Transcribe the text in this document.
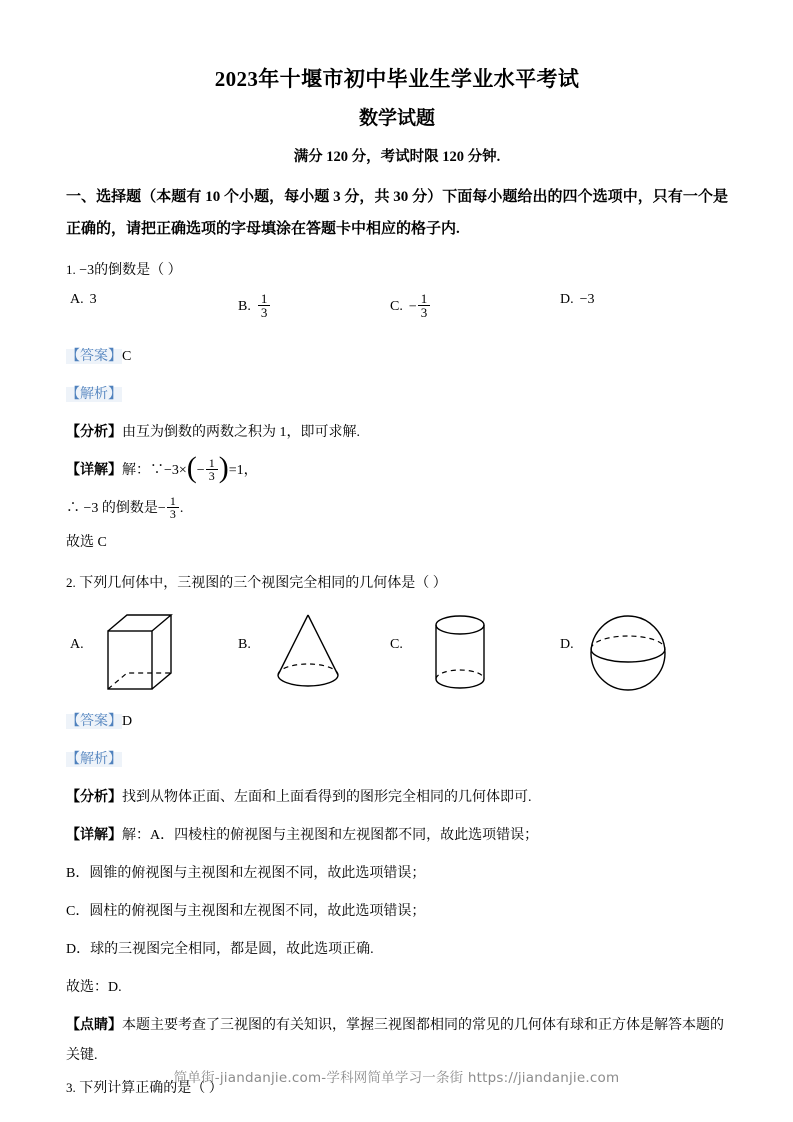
2023年十堰市初中毕业生学业水平考试
数学试题
满分 120 分，考试时限 120 分钟.

一、选择题（本题有 10 个小题，每小题 3 分，共 30 分）下面每小题给出的四个选项中，只有一个是正确的，请把正确选项的字母填涂在答题卡中相应的格子内.

1. −3的倒数是（ ）

A. 3	B. $\frac{1}{3}$	C. − $\frac{1}{3}$	D. −3

【答案】C

【解析】

【分析】由互为倒数的两数之积为 1，即可求解.

【详解】解：∵−3×(− $\frac{1}{3} )=1$，

∴ −3 的倒数是− $\frac{1}{3}$ .

故选 C

2. 下列几何体中，三视图的三个视图完全相同的几何体是（ ）

A.	B.	C.	D.

【答案】D

【解析】

【分析】找到从物体正面、左面和上面看得到的图形完全相同的几何体即可.

【详解】解：A．四棱柱的俯视图与主视图和左视图都不同，故此选项错误；

B．圆锥的俯视图与主视图和左视图不同，故此选项错误；

C．圆柱的俯视图与主视图和左视图不同，故此选项错误；

D．球的三视图完全相同，都是圆，故此选项正确.

故选：D.

【点睛】本题主要考查了三视图的有关知识，掌握三视图都相同的常见的几何体有球和正方体是解答本题的关键.

3. 下列计算正确的是（ ）

简单街-jiandanjie.com-学科网简单学习一条街 https://jiandanjie.com
